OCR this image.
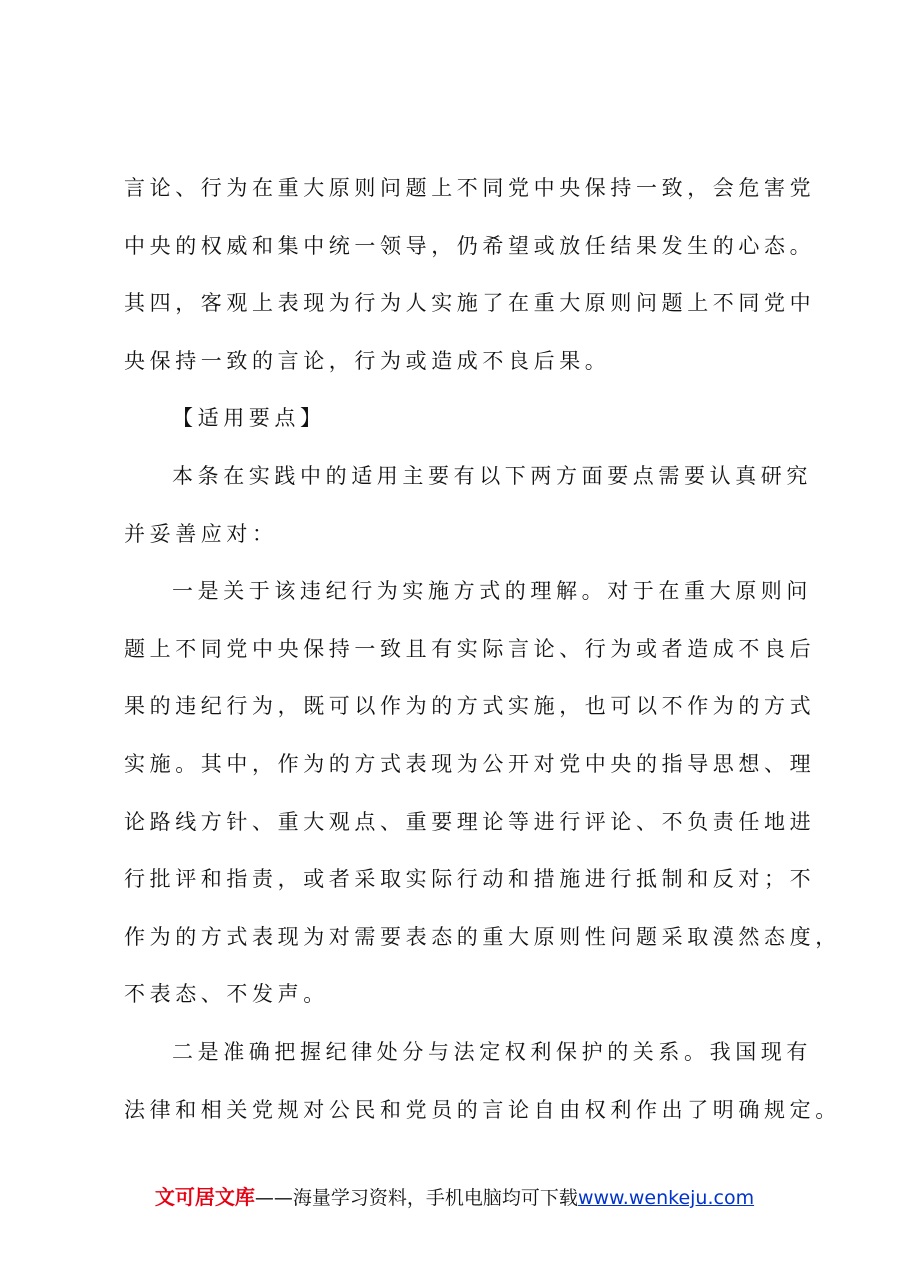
言论、行为在重大原则问题上不同党中央保持一致，会危害党
中央的权威和集中统一领导，仍希望或放任结果发生的心态。
其四，客观上表现为行为人实施了在重大原则问题上不同党中
央保持一致的言论，行为或造成不良后果。
【适用要点】
本条在实践中的适用主要有以下两方面要点需要认真研究
并妥善应对：
一是关于该违纪行为实施方式的理解。对于在重大原则问
题上不同党中央保持一致且有实际言论、行为或者造成不良后
果的违纪行为，既可以作为的方式实施，也可以不作为的方式
实施。其中，作为的方式表现为公开对党中央的指导思想、理
论路线方针、重大观点、重要理论等进行评论、不负责任地进
行批评和指责，或者采取实际行动和措施进行抵制和反对；不
作为的方式表现为对需要表态的重大原则性问题采取漠然态度，
不表态、不发声。
二是准确把握纪律处分与法定权利保护的关系。我国现有
法律和相关党规对公民和党员的言论自由权利作出了明确规定。
文可居文库——海量学习资料，手机电脑均可下载www.wenkeju.com
